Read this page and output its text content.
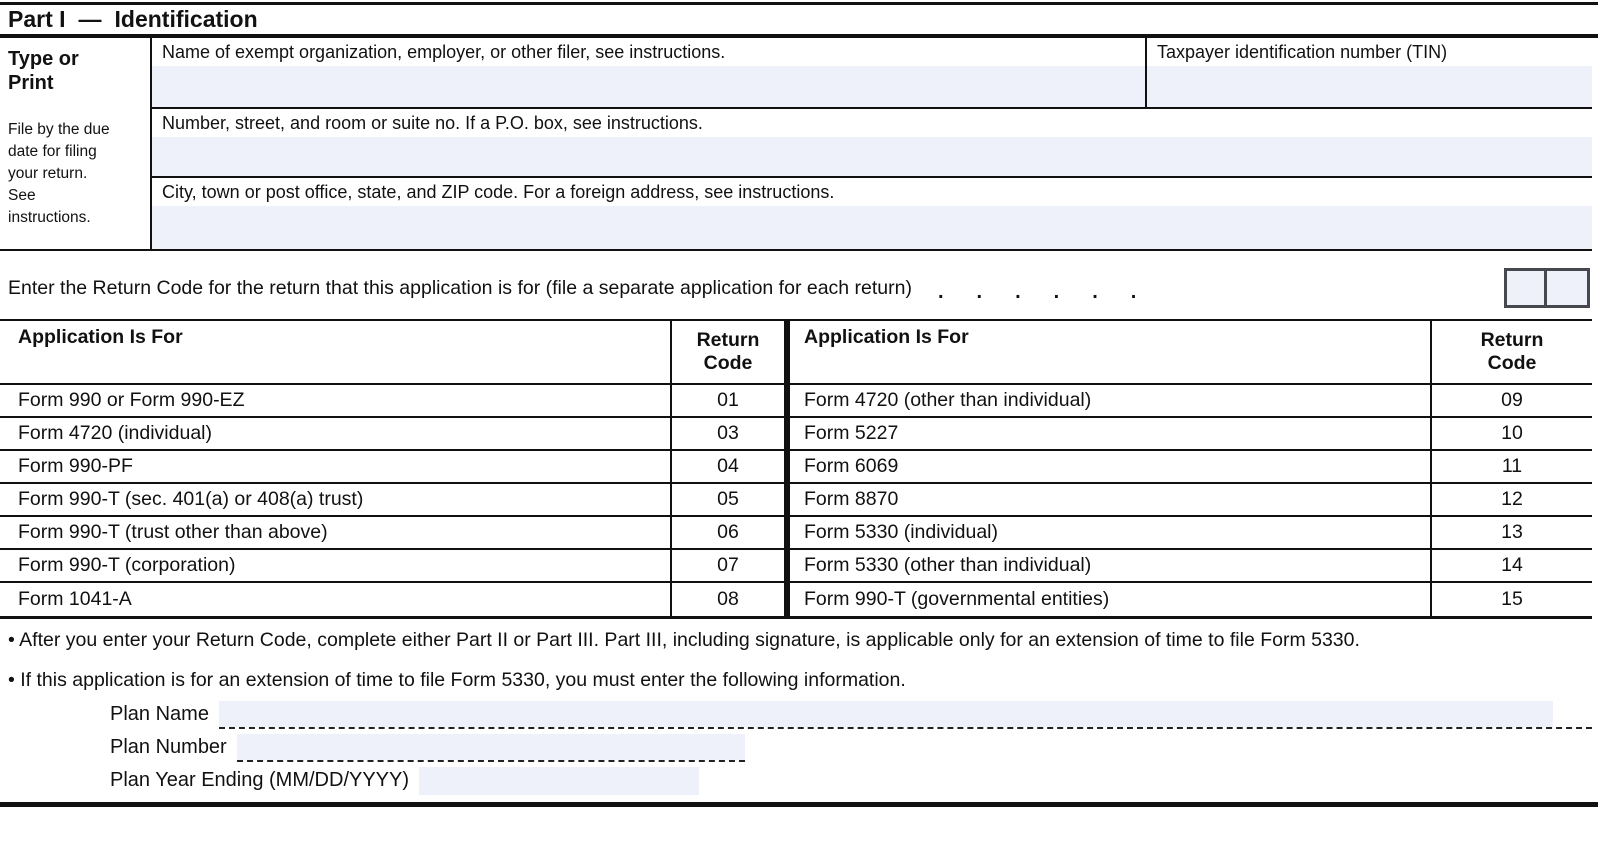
Part I — Identification
Type or Print
File by the due date for filing your return. See instructions.
Name of exempt organization, employer, or other filer, see instructions.	Taxpayer identification number (TIN)
Number, street, and room or suite no. If a P.O. box, see instructions.
City, town or post office, state, and ZIP code. For a foreign address, see instructions.
Enter the Return Code for the return that this application is for (file a separate application for each return) ......
Application Is For	Return
Code
Application Is For	Return
Code
Form 990 or Form 990-EZ	01	Form 4720 (other than individual)	09
Form 4720 (individual)	03	Form 5227	10
Form 990-PF	04	Form 6069	11
Form 990-T (sec. 401(a) or 408(a) trust)	05	Form 8870	12
Form 990-T (trust other than above)	06	Form 5330 (individual)	13
Form 990-T (corporation)	07	Form 5330 (other than individual)	14
Form 1041-A	08	Form 990-T (governmental entities)	15
• After you enter your Return Code, complete either Part II or Part III. Part III, including signature, is applicable only for an extension of time to file Form 5330.
• If this application is for an extension of time to file Form 5330, you must enter the following information.
Plan Name
Plan Number
Plan Year Ending (MM/DD/YYYY)
